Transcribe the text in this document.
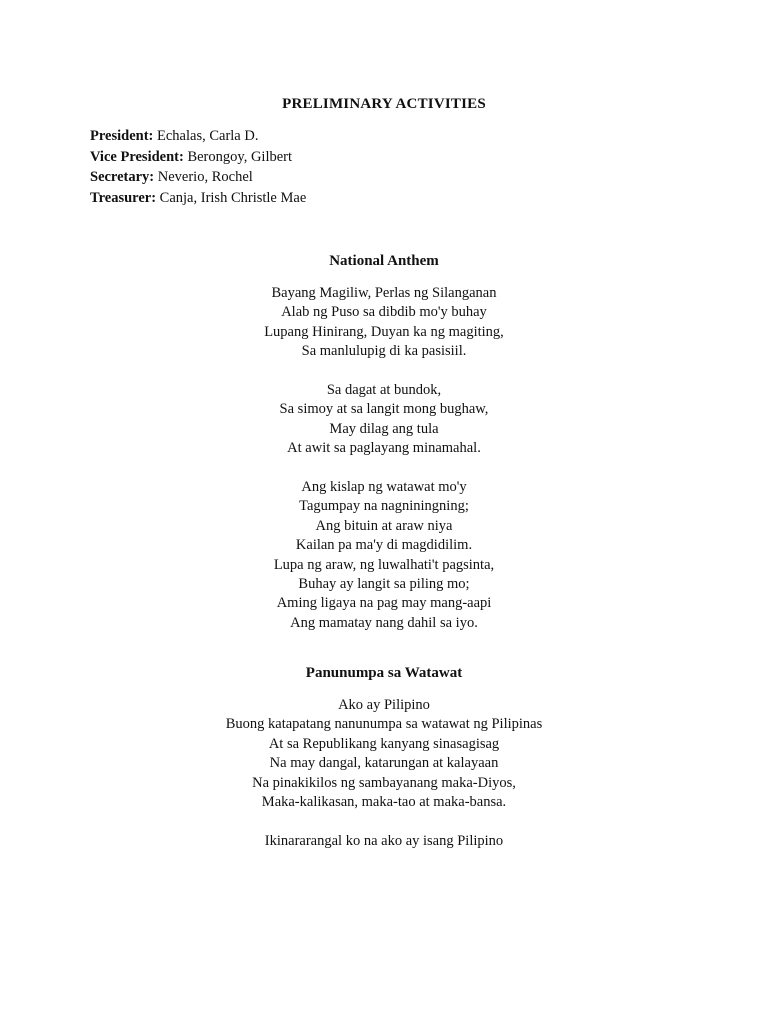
PRELIMINARY ACTIVITIES
President: Echalas, Carla D.
Vice President: Berongoy, Gilbert
Secretary: Neverio, Rochel
Treasurer: Canja, Irish Christle Mae
National Anthem
Bayang Magiliw, Perlas ng Silanganan
Alab ng Puso sa dibdib mo'y buhay
Lupang Hinirang, Duyan ka ng magiting,
Sa manlulupig di ka pasisiil.
Sa dagat at bundok,
Sa simoy at sa langit mong bughaw,
May dilag ang tula
At awit sa paglayang minamahal.
Ang kislap ng watawat mo'y
Tagumpay na nagniningning;
Ang bituin at araw niya
Kailan pa ma'y di magdidilim.
Lupa ng araw, ng luwalhati't pagsinta,
Buhay ay langit sa piling mo;
Aming ligaya na pag may mang-aapi
Ang mamatay nang dahil sa iyo.
Panunumpa sa Watawat
Ako ay Pilipino
Buong katapatang nanunumpa sa watawat ng Pilipinas
At sa Republikang kanyang sinasagisag
Na may dangal, katarungan at kalayaan
Na pinakikilos ng sambayanang maka-Diyos,
Maka-kalikasan, maka-tao at maka-bansa.
Ikinararangal ko na ako ay isang Pilipino
